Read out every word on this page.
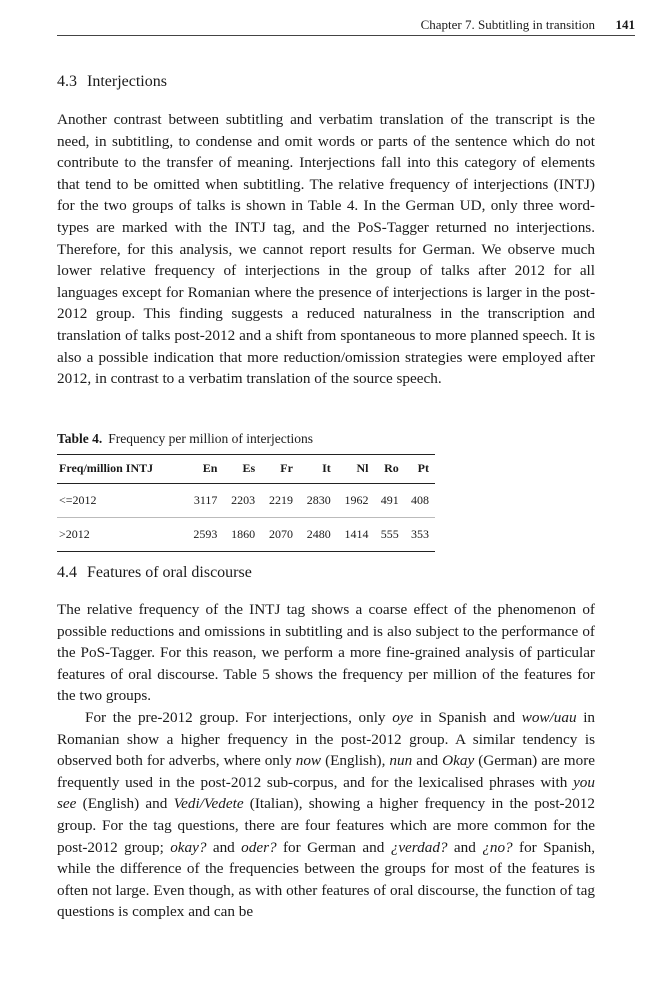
Chapter 7. Subtitling in transition 141
4.3 Interjections

Another contrast between subtitling and verbatim translation of the transcript is the need, in subtitling, to condense and omit words or parts of the sentence which do not contribute to the transfer of meaning. Interjections fall into this category of elements that tend to be omitted when subtitling. The relative frequency of interjections (INTJ) for the two groups of talks is shown in Table 4. In the German UD, only three word-types are marked with the INTJ tag, and the PoS-Tagger returned no interjections. Therefore, for this analysis, we cannot report results for German. We observe much lower relative frequency of interjections in the group of talks after 2012 for all languages except for Romanian where the presence of interjections is larger in the post-2012 group. This finding suggests a reduced naturalness in the transcription and translation of talks post-2012 and a shift from spontaneous to more planned speech. It is also a possible indication that more reduction/omission strategies were employed after 2012, in contrast to a verbatim translation of the source speech.

Table 4. Frequency per million of interjections
Freq/million INTJ	En	Es	Fr	It	Nl	Ro	Pt
<=2012	3117	2203	2219	2830	1962	491	408
>2012	2593	1860	2070	2480	1414	555	353
4.4 Features of oral discourse

The relative frequency of the INTJ tag shows a coarse effect of the phenomenon of possible reductions and omissions in subtitling and is also subject to the performance of the PoS-Tagger. For this reason, we perform a more fine-grained analysis of particular features of oral discourse. Table 5 shows the frequency per million of the features for the two groups.

For the pre-2012 group. For interjections, only oye in Spanish and wow/uau in Romanian show a higher frequency in the post-2012 group. A similar tendency is observed both for adverbs, where only now (English), nun and Okay (German) are more frequently used in the post-2012 sub-corpus, and for the lexicalised phrases with you see (English) and Vedi/Vedete (Italian), showing a higher frequency in the post-2012 group. For the tag questions, there are four features which are more common for the post-2012 group; okay? and oder? for German and ¿verdad? and ¿no? for Spanish, while the difference of the frequencies between the groups for most of the features is often not large. Even though, as with other features of oral discourse, the function of tag questions is complex and can be
